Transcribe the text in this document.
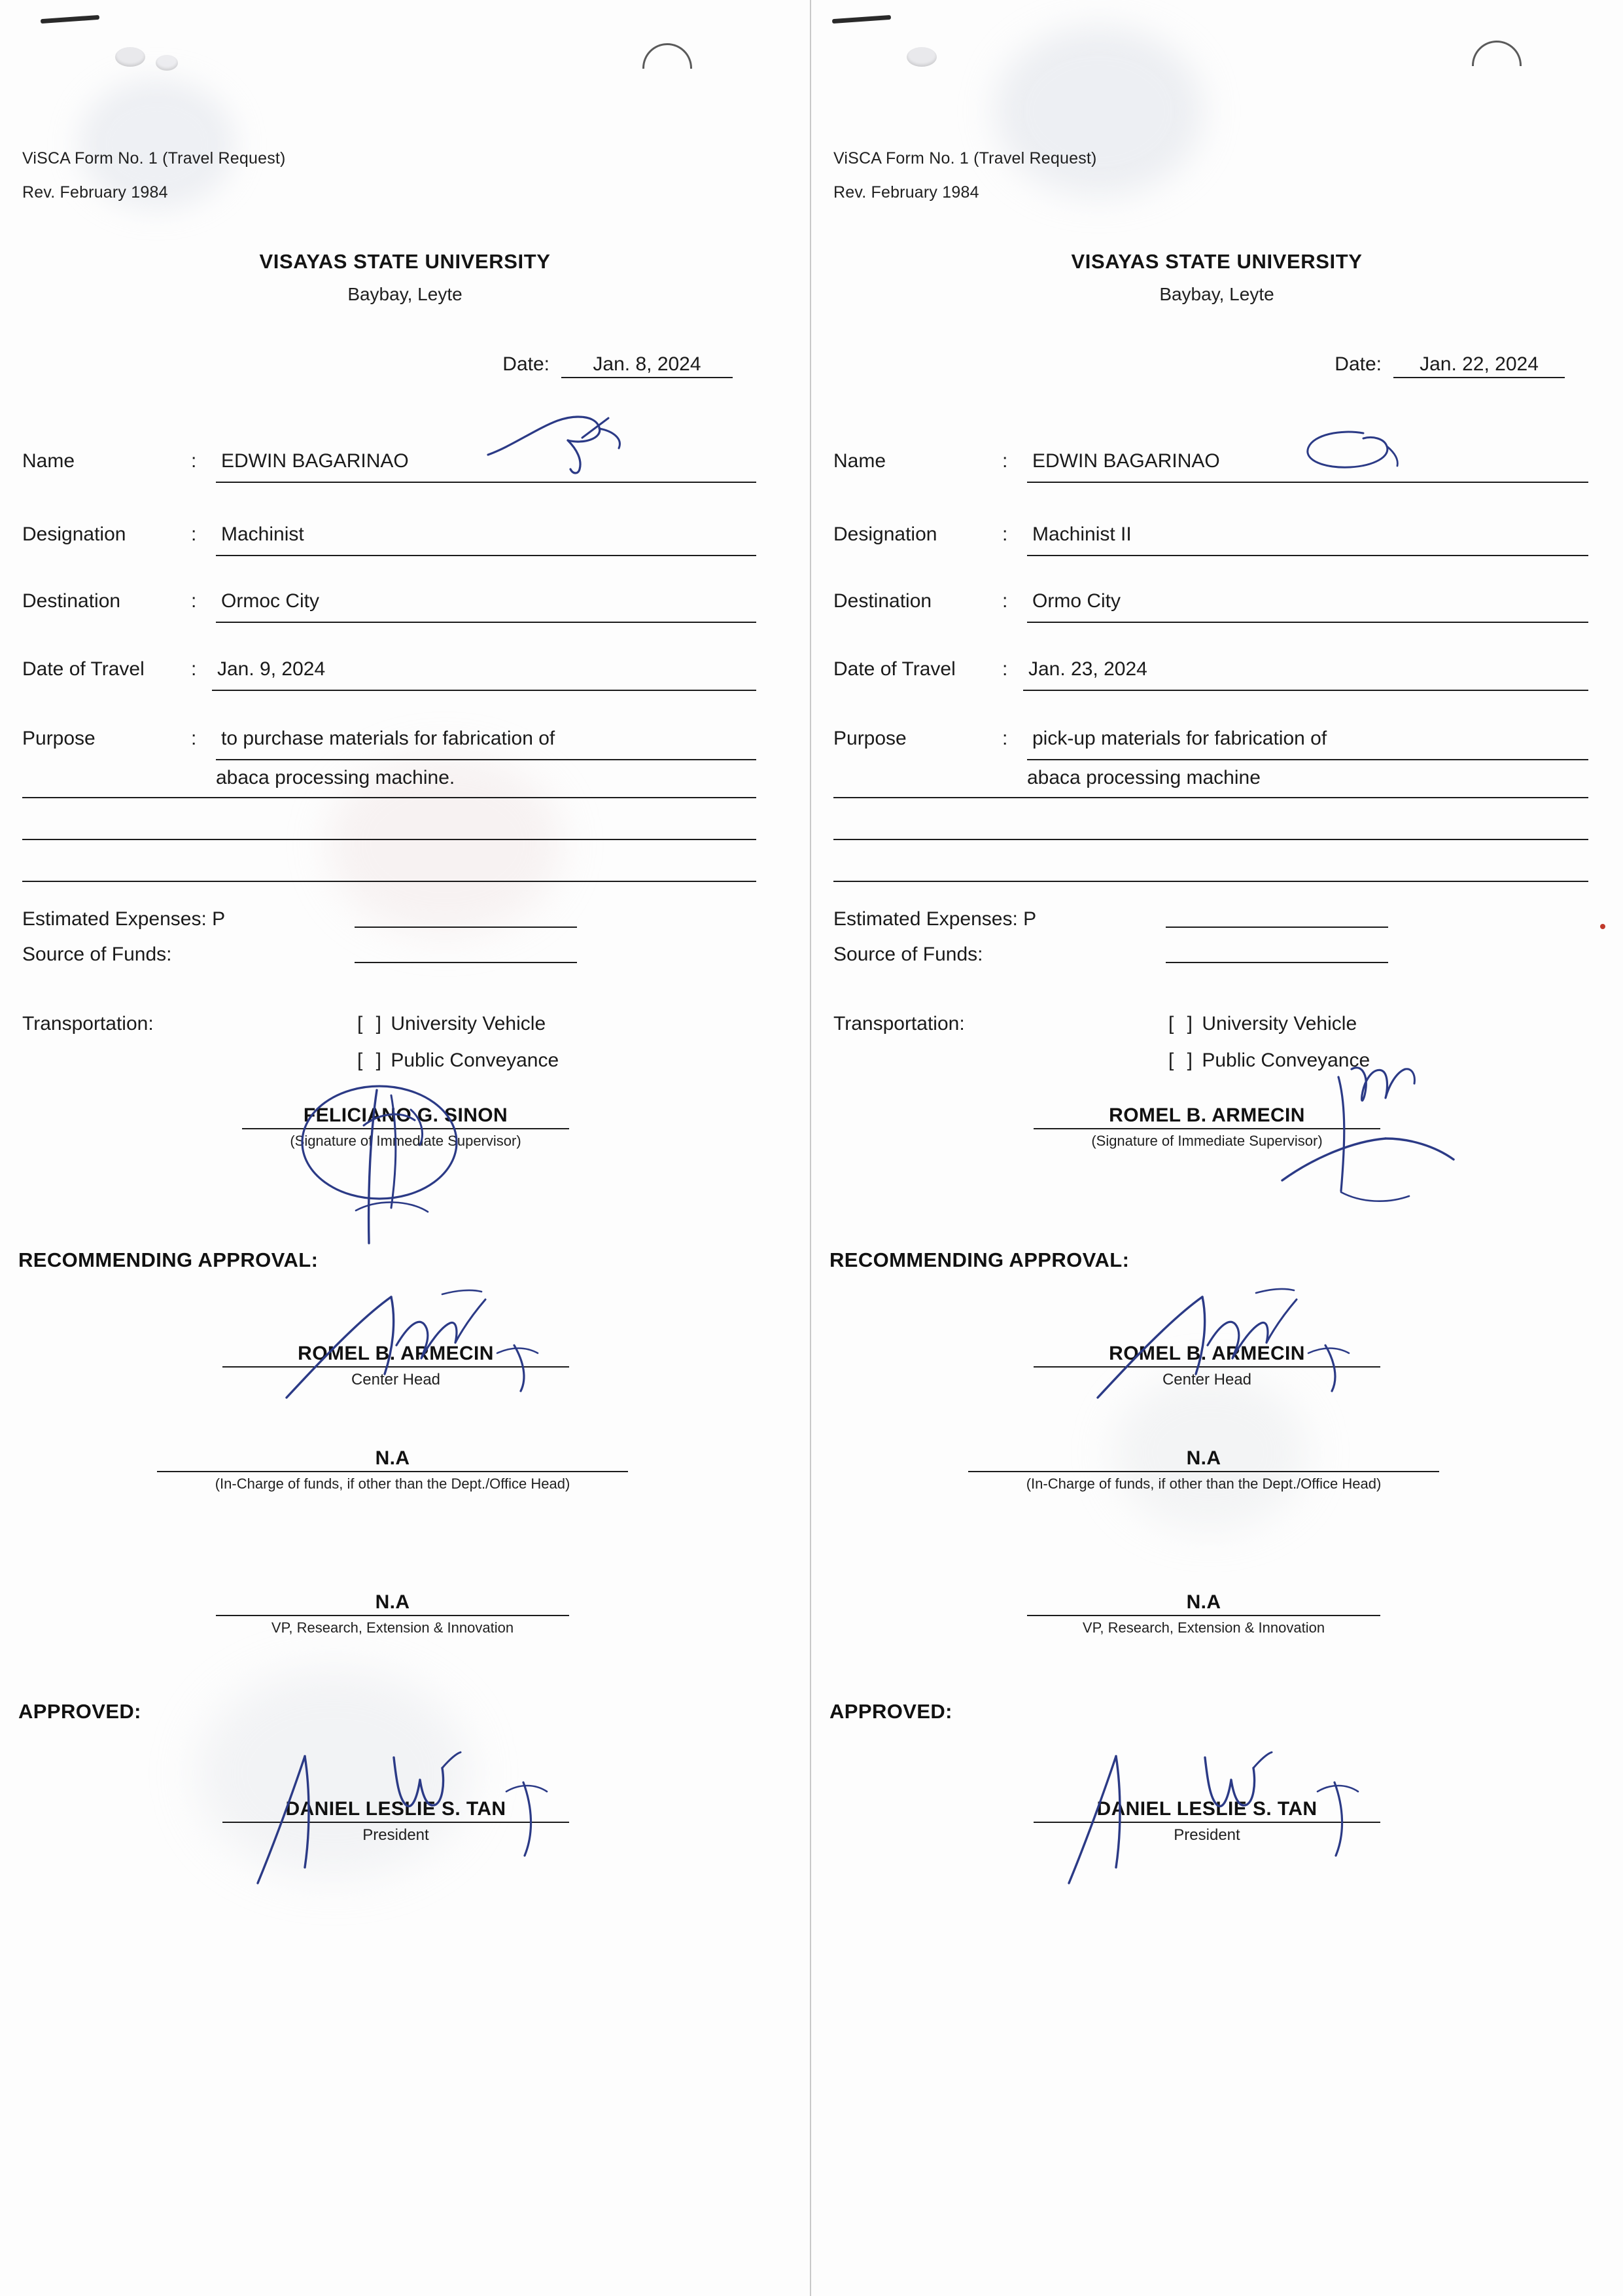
ViSCA Form No. 1 (Travel Request)
Rev. February 1984
VISAYAS STATE UNIVERSITY
Baybay, Leyte
Date: Jan. 8, 2024
Name	: EDWIN BAGARINAO
Designation	: Machinist
Destination	: Ormoc City
Date of Travel	: Jan. 9, 2024
Purpose	: to purchase materials for fabrication of
abaca processing machine.
Estimated Expenses: P
Source of Funds:
Transportation:	[ ] University Vehicle
[ ] Public Conveyance
FELICIANO G. SINON
(Signature of Immediate Supervisor)
RECOMMENDING APPROVAL:
ROMEL B. ARMECIN
Center Head
N.A
(In-Charge of funds, if other than the Dept./Office Head)
N.A
VP, Research, Extension & Innovation
APPROVED:
DANIEL LESLIE S. TAN
President
ViSCA Form No. 1 (Travel Request)
Rev. February 1984
VISAYAS STATE UNIVERSITY
Baybay, Leyte
Date: Jan. 22, 2024
Name	: EDWIN BAGARINAO
Designation	: Machinist II
Destination	: Ormo City
Date of Travel	: Jan. 23, 2024
Purpose	: pick-up materials for fabrication of
abaca processing machine
Estimated Expenses: P
Source of Funds:
Transportation:	[ ] University Vehicle
[ ] Public Conveyance
ROMEL B. ARMECIN
(Signature of Immediate Supervisor)
RECOMMENDING APPROVAL:
ROMEL B. ARMECIN
Center Head
N.A
(In-Charge of funds, if other than the Dept./Office Head)
N.A
VP, Research, Extension & Innovation
APPROVED:
DANIEL LESLIE S. TAN
President
